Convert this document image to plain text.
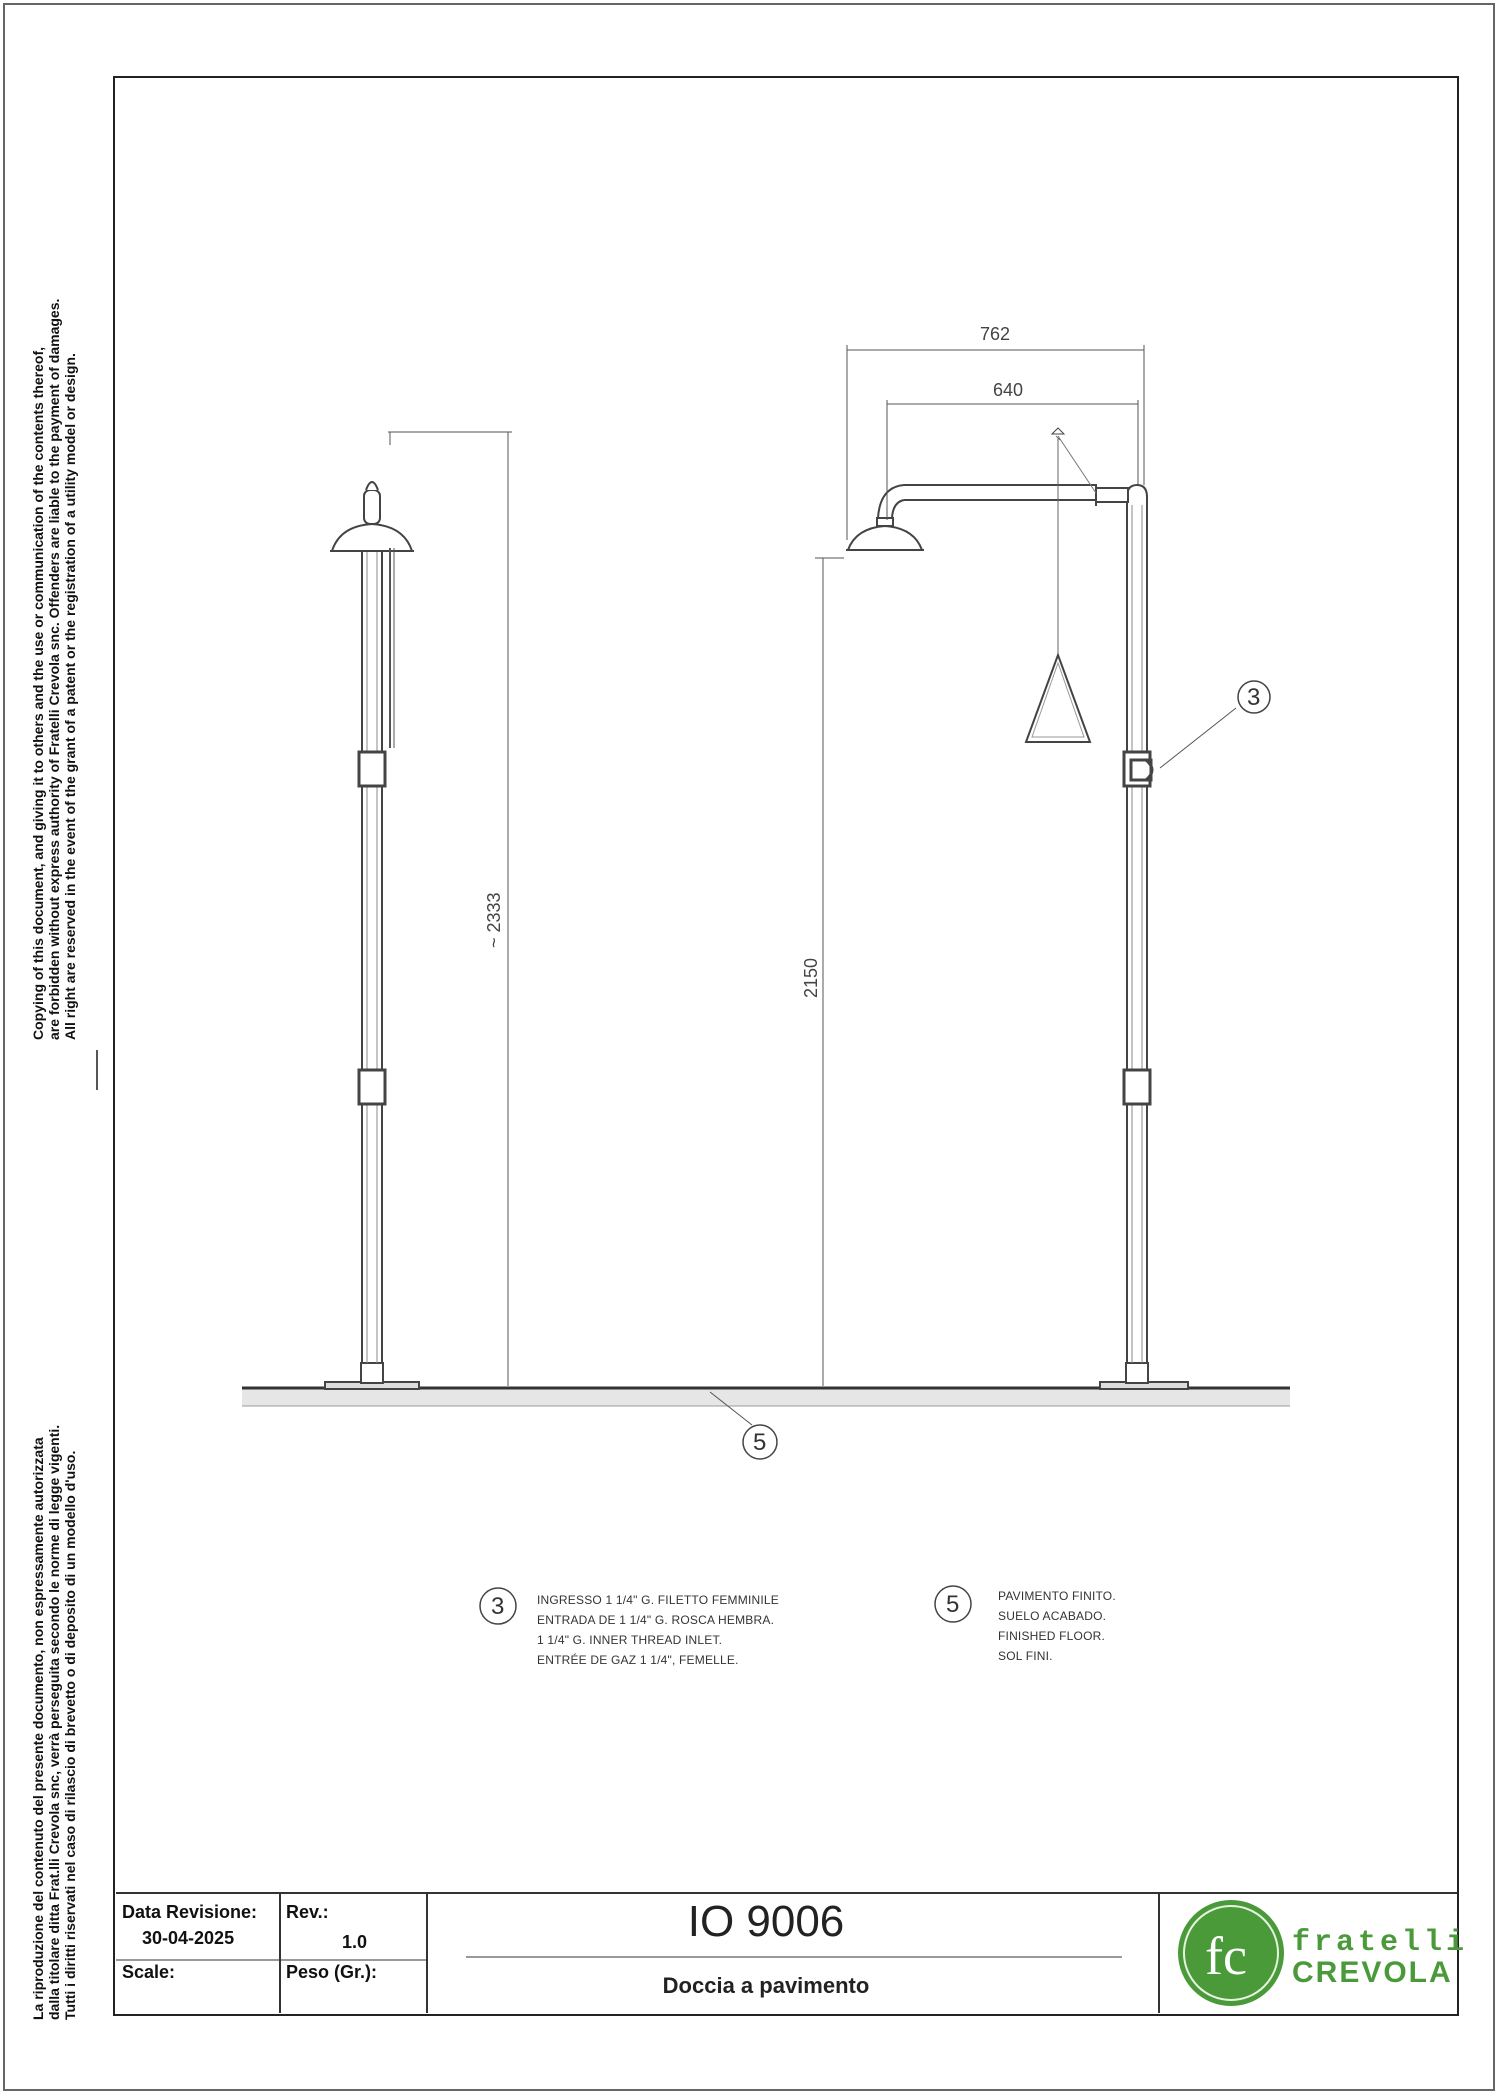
Copying of this document, and giving it to others and the use or communication of the contents thereof, are forbidden without express authority of Fratelli Crevola snc. Offenders are liable to the payment of damages. All right are reserved in the event of the grant of a patent or the registration of a utility model or design.
La riproduzione del contenuto del presente documento, non espressamente autorizzata dalla titolare ditta Frat.lli Crevola snc, verrà perseguita secondo le norme di legge vigenti. Tutti i diritti riservati nel caso di rilascio di brevetto o di deposito di un modello d'uso.
~ 2333
762
640
2150
3
5
3	5
fc
INGRESSO 1 1/4" G. FILETTO FEMMINILE
ENTRADA DE 1 1/4" G. ROSCA HEMBRA.
1 1/4" G. INNER THREAD INLET.
ENTRÉE DE GAZ 1 1/4", FEMELLE.
PAVIMENTO FINITO.
SUELO ACABADO.
FINISHED FLOOR.
SOL FINI.
Data Revisione:
30-04-2025
Rev.:
1.0
Scale:	Peso (Gr.):
IO 9006
Doccia a pavimento
fratelli
CREVOLA
